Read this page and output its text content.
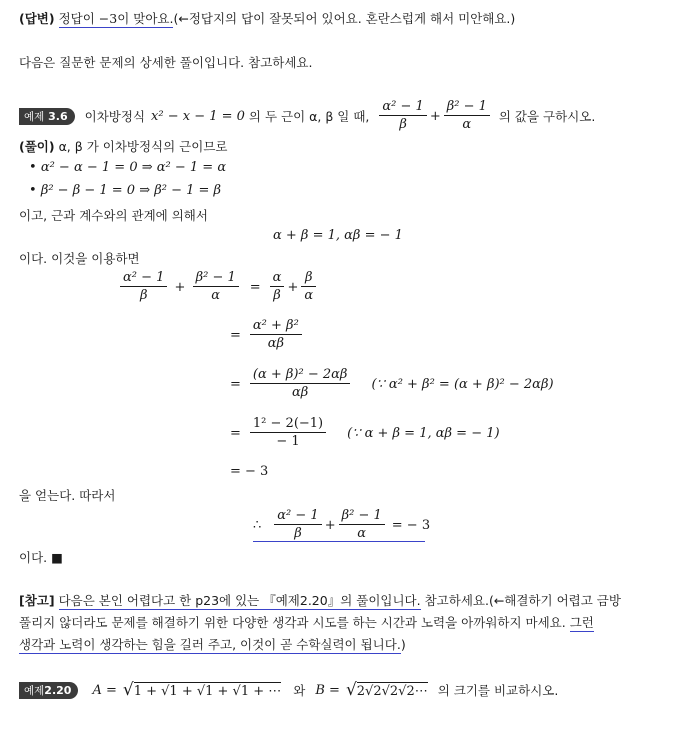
(답변) 정답이 −3이 맞아요.(←정답지의 답이 잘못되어 있어요. 혼란스럽게 해서 미안해요.)
다음은 질문한 문제의 상세한 풀이입니다. 참고하세요.
예제 3.6	이차방정식 x² − x − 1 = 0 의 두 근이 α, β 일 때, $\frac{\text{α² − 1}}{\beta} + \frac{\text{β² − 1}}{\alpha}$ 의 값을 구하시오.
(풀이) α, β 가 이차방정식의 근이므로
• α² − α − 1 = 0 ⇒ α² − 1 = α
• β² − β − 1 = 0 ⇒ β² − 1 = β
이고, 근과 계수와의 관계에 의해서
α + β = 1, αβ = − 1
이다. 이것을 이용하면
$\frac{\text{α² − 1}}{\beta} + \frac{\text{β² − 1}}{\alpha} = \frac{\alpha}{\beta} + \frac{\beta}{\alpha}$
= $\frac{\text{α² + β²}}{\alpha\beta}$
= $\frac{\text{(α + β)² − 2αβ}}{\alpha\beta}$ (∵ α² + β² = (α + β)² − 2αβ)
= $\frac{\text{1² − 2(−1)}}{- 1}$ (∵ α + β = 1, αβ = − 1)
= − 3
을 얻는다. 따라서
∴ $\frac{\text{α² − 1}}{\beta} + \frac{\text{β² − 1}}{\alpha}$ = − 3
이다. ■
[참고] 다음은 본인 어렵다고 한 p23에 있는 『예제2.20』의 풀이입니다. 참고하세요.(←해결하기 어렵고 금방
풀리지 않더라도 문제를 해결하기 위한 다양한 생각과 시도를 하는 시간과 노력을 아까워하지 마세요. 그런
생각과 노력이 생각하는 힘을 길러 주고, 이것이 곧 수학실력이 됩니다.)
예제2.20	A = √ 1 + √1 + √1 + √1 + ⋯ 와 B = √ 2√2√2√2⋯ 의 크기를 비교하시오.
